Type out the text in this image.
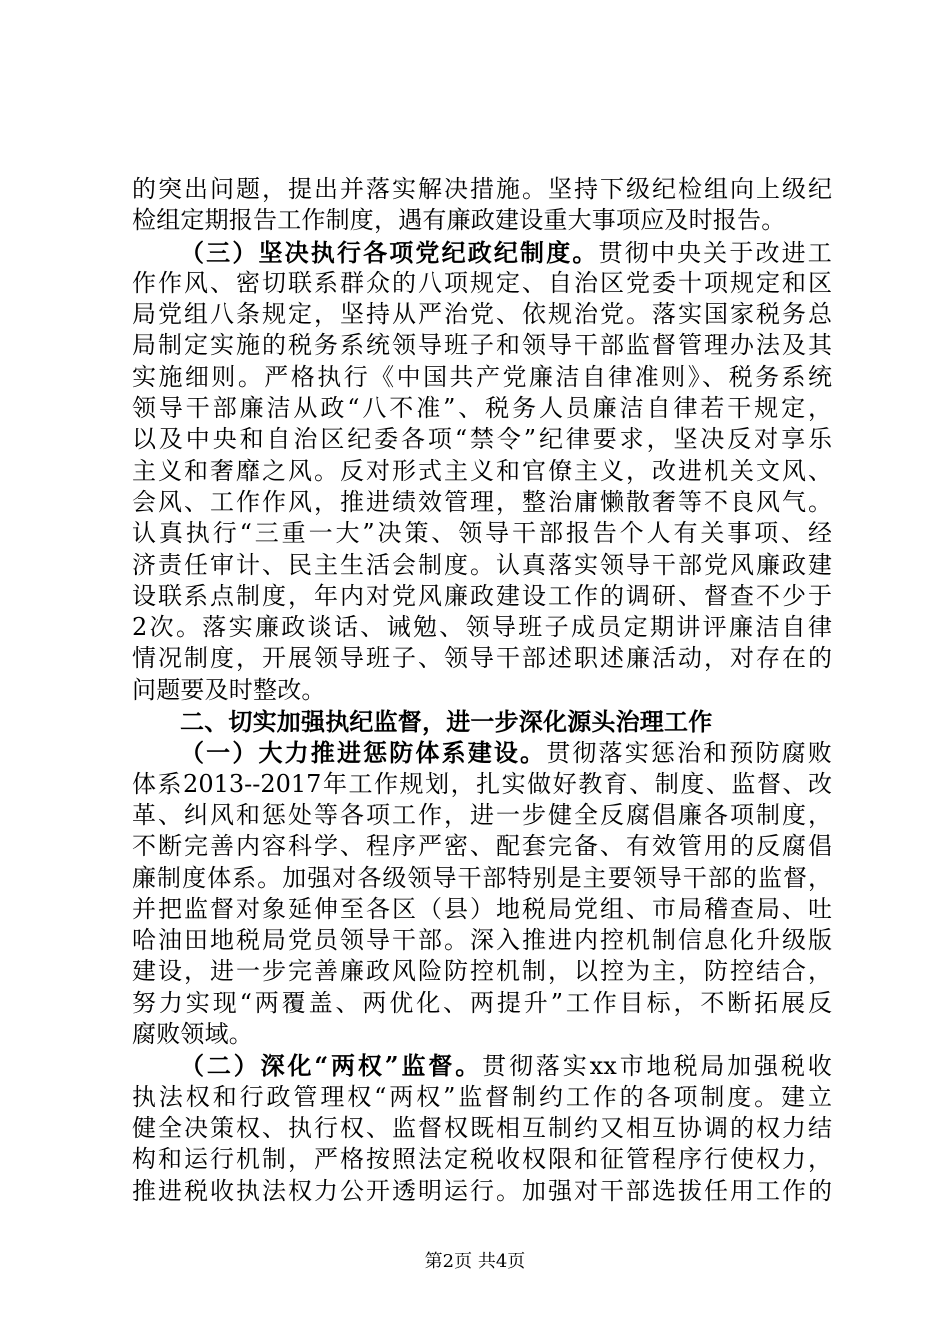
的突出问题，提出并落实解决措施。坚持下级纪检组向上级纪
检组定期报告工作制度，遇有廉政建设重大事项应及时报告。
（三）坚决执行各项党纪政纪制度。贯彻中央关于改进工
作作风、密切联系群众的八项规定、自治区党委十项规定和区
局党组八条规定，坚持从严治党、依规治党。落实国家税务总
局制定实施的税务系统领导班子和领导干部监督管理办法及其
实施细则。严格执行《中国共产党廉洁自律准则》、税务系统
领导干部廉洁从政“八不准”、税务人员廉洁自律若干规定，
以及中央和自治区纪委各项“禁令”纪律要求，坚决反对享乐
主义和奢靡之风。反对形式主义和官僚主义，改进机关文风、
会风、工作作风，推进绩效管理，整治庸懒散奢等不良风气。
认真执行“三重一大”决策、领导干部报告个人有关事项、经
济责任审计、民主生活会制度。认真落实领导干部党风廉政建
设联系点制度，年内对党风廉政建设工作的调研、督查不少于
2次。落实廉政谈话、诫勉、领导班子成员定期讲评廉洁自律
情况制度，开展领导班子、领导干部述职述廉活动，对存在的
问题要及时整改。
二、切实加强执纪监督，进一步深化源头治理工作
（一）大力推进惩防体系建设。贯彻落实惩治和预防腐败
体系2013--2017年工作规划，扎实做好教育、制度、监督、改
革、纠风和惩处等各项工作，进一步健全反腐倡廉各项制度，
不断完善内容科学、程序严密、配套完备、有效管用的反腐倡
廉制度体系。加强对各级领导干部特别是主要领导干部的监督，
并把监督对象延伸至各区（县）地税局党组、市局稽查局、吐
哈油田地税局党员领导干部。深入推进内控机制信息化升级版
建设，进一步完善廉政风险防控机制，以控为主，防控结合，
努力实现“两覆盖、两优化、两提升”工作目标，不断拓展反
腐败领域。
（二）深化“两权”监督。贯彻落实xx市地税局加强税收
执法权和行政管理权“两权”监督制约工作的各项制度。建立
健全决策权、执行权、监督权既相互制约又相互协调的权力结
构和运行机制，严格按照法定税收权限和征管程序行使权力，
推进税收执法权力公开透明运行。加强对干部选拔任用工作的
第2页 共4页
